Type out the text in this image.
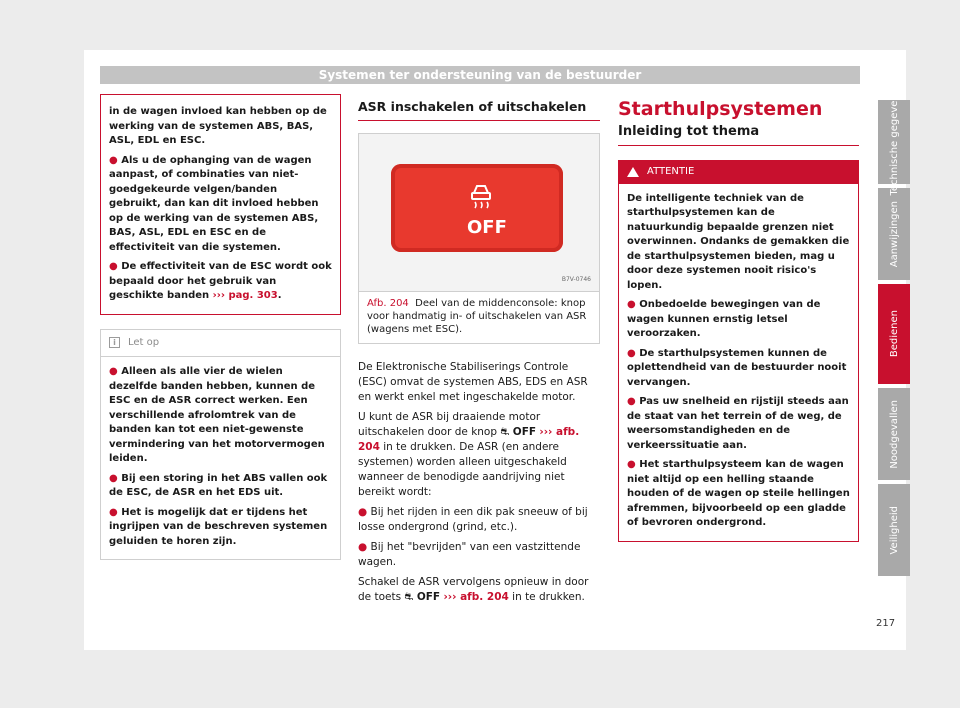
Systemen ter ondersteuning van de bestuurder

in de wagen invloed kan hebben op de werking van de systemen ABS, BAS, ASL, EDL en ESC.

● Als u de ophanging van de wagen aanpast, of combinaties van niet-goedgekeurde velgen/banden gebruikt, dan kan dit invloed hebben op de werking van de systemen ABS, BAS, ASL, EDL en ESC en de effectiviteit van die systemen.

● De effectiviteit van de ESC wordt ook bepaald door het gebruik van geschikte banden ››› pag. 303.

i	Let op

● Alleen als alle vier de wielen dezelfde banden hebben, kunnen de ESC en de ASR correct werken. Een verschillende afrolomtrek van de banden kan tot een niet-gewenste vermindering van het motorvermogen leiden.

● Bij een storing in het ABS vallen ook de ESC, de ASR en het EDS uit.

● Het is mogelijk dat er tijdens het ingrijpen van de beschreven systemen geluiden te horen zijn.

ASR inschakelen of uitschakelen
OFF
B7V-0746
Afb. 204 Deel van de middenconsole: knop voor handmatig in- of uitschakelen van ASR (wagens met ESC).

De Elektronische Stabiliserings Controle (ESC) omvat de systemen ABS, EDS en ASR en werkt enkel met ingeschakelde motor.

U kunt de ASR bij draaiende motor uitschakelen door de knop ⛐ OFF ››› afb. 204 in te drukken. De ASR (en andere systemen) worden alleen uitgeschakeld wanneer de benodigde aandrijving niet bereikt wordt:

● Bij het rijden in een dik pak sneeuw of bij losse ondergrond (grind, etc.).

● Bij het "bevrijden" van een vastzittende wagen.

Schakel de ASR vervolgens opnieuw in door de toets ⛐ OFF ››› afb. 204 in te drukken.

Starthulpsystemen
Inleiding tot thema
ATTENTIE

De intelligente techniek van de starthulpsystemen kan de natuurkundig bepaalde grenzen niet overwinnen. Ondanks de gemakken die de starthulpsystemen bieden, mag u door deze systemen nooit risico's lopen.

● Onbedoelde bewegingen van de wagen kunnen ernstig letsel veroorzaken.

● De starthulpsystemen kunnen de oplettendheid van de bestuurder nooit vervangen.

● Pas uw snelheid en rijstijl steeds aan de staat van het terrein of de weg, de weersomstandigheden en de verkeerssituatie aan.

● Het starthulpsysteem kan de wagen niet altijd op een helling staande houden of de wagen op steile hellingen afremmen, bijvoorbeeld op een gladde of bevroren ondergrond.

Technische gegevens
Aanwijzingen
Bedienen
Noodgevallen
Veiligheid
217
